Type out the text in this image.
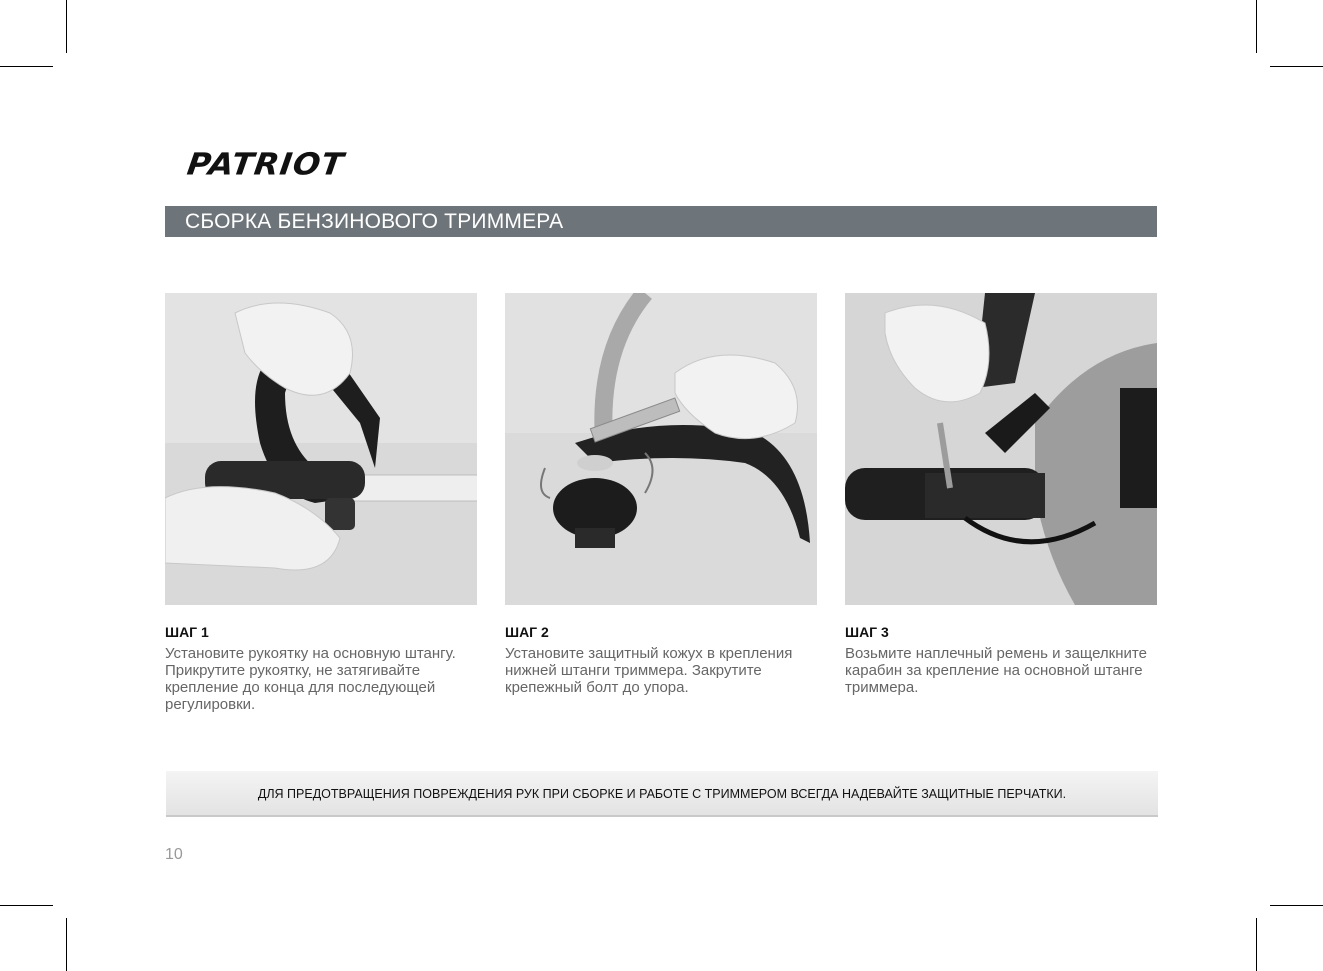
PATRIOT
СБОРКА БЕНЗИНОВОГО ТРИММЕРА
ШАГ 1
Установите рукоятку на основную штангу. Прикрутите рукоятку, не затягивайте крепление до конца для последующей регулировки.
ШАГ 2
Установите защитный кожух в крепления нижней штанги триммера. Закрутите крепежный болт до упора.
ШАГ 3
Возьмите наплечный ремень и защелкните карабин за крепление на основной штанге триммера.
ДЛЯ ПРЕДОТВРАЩЕНИЯ ПОВРЕЖДЕНИЯ РУК ПРИ СБОРКЕ И РАБОТЕ С ТРИММЕРОМ ВСЕГДА НАДЕВАЙТЕ ЗАЩИТНЫЕ ПЕРЧАТКИ.
10
